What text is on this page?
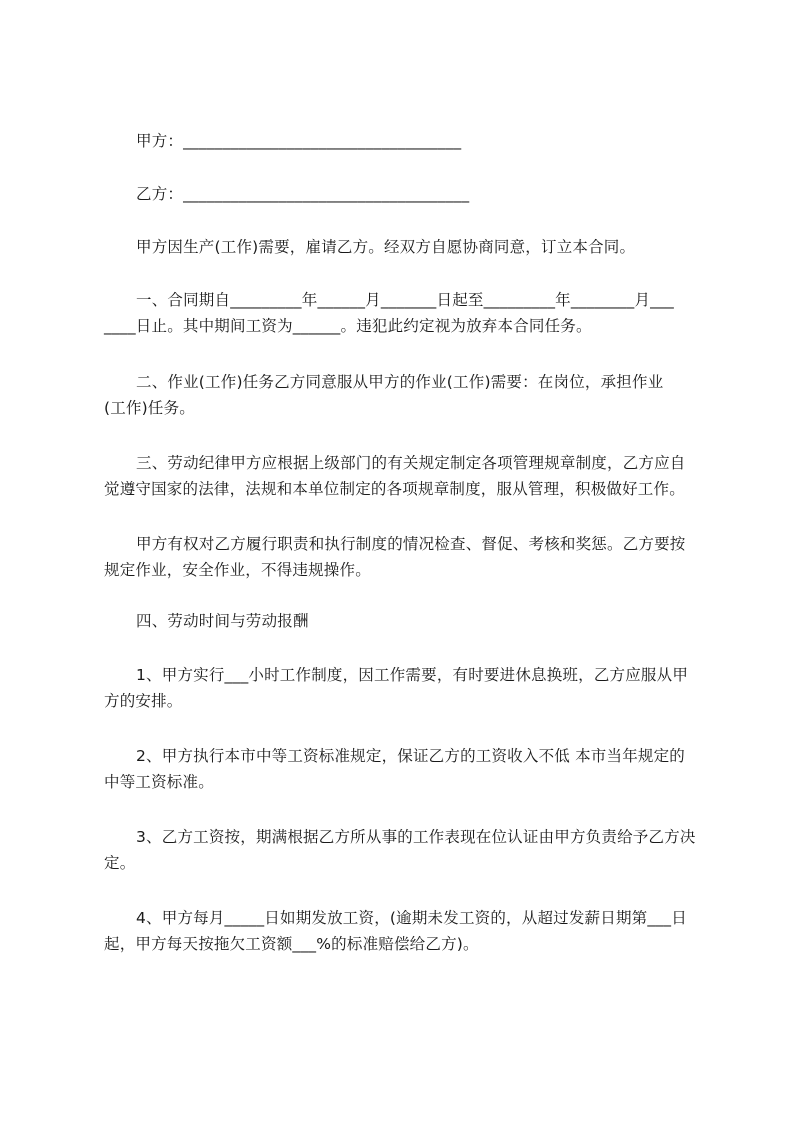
甲方：___________________________________
乙方：____________________________________
甲方因生产(工作)需要，雇请乙方。经双方自愿协商同意，订立本合同。
一、合同期自_________年______月_______日起至_________年________月___
____日止。其中期间工资为______。违犯此约定视为放弃本合同任务。
二、作业(工作)任务乙方同意服从甲方的作业(工作)需要：在岗位，承担作业
(工作)任务。
三、劳动纪律甲方应根据上级部门的有关规定制定各项管理规章制度，乙方应自
觉遵守国家的法律，法规和本单位制定的各项规章制度，服从管理，积极做好工作。
甲方有权对乙方履行职责和执行制度的情况检查、督促、考核和奖惩。乙方要按
规定作业，安全作业，不得违规操作。
四、劳动时间与劳动报酬
1、甲方实行___小时工作制度，因工作需要，有时要进休息换班，乙方应服从甲
方的安排。
2、甲方执行本市中等工资标准规定，保证乙方的工资收入不低 本市当年规定的
中等工资标准。
3、乙方工资按，期满根据乙方所从事的工作表现在位认证由甲方负责给予乙方决
定。
4、甲方每月_____日如期发放工资，(逾期未发工资的，从超过发薪日期第___日
起，甲方每天按拖欠工资额___%的标准赔偿给乙方)。
